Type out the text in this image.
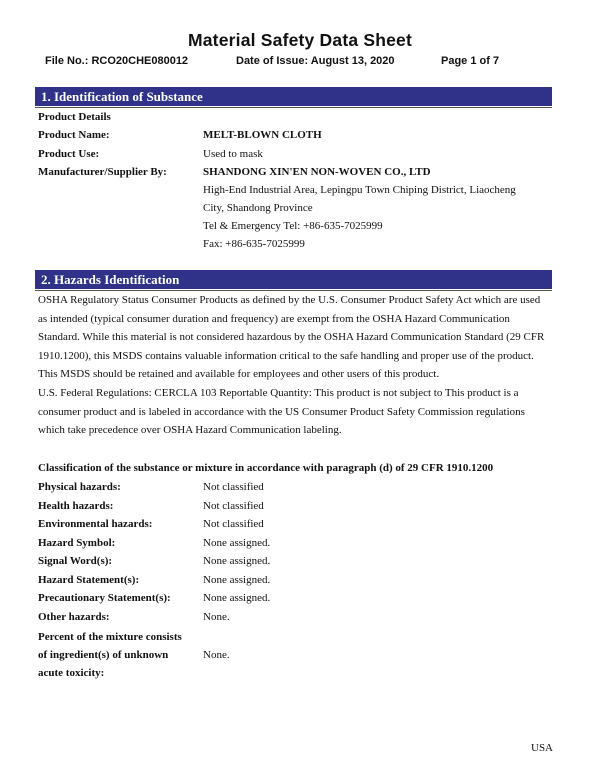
Material Safety Data Sheet
File No.: RCO20CHE080012	Date of Issue: August 13, 2020	Page 1 of 7
1. Identification of Substance
Product Details
Product Name:	MELT-BLOWN CLOTH
Product Use:	Used to mask
Manufacturer/Supplier By:	SHANDONG XIN'EN NON-WOVEN CO., LTD
High-End Industrial Area, Lepingpu Town Chiping District, Liaocheng
City, Shandong Province
Tel & Emergency Tel: +86-635-7025999
Fax: +86-635-7025999
2. Hazards Identification

OSHA Regulatory Status Consumer Products as defined by the U.S. Consumer Product Safety Act which are used as intended (typical consumer duration and frequency) are exempt from the OSHA Hazard Communication Standard. While this material is not considered hazardous by the OSHA Hazard Communication Standard (29 CFR 1910.1200), this MSDS contains valuable information critical to the safe handling and proper use of the product. This MSDS should be retained and available for employees and other users of this product.

U.S. Federal Regulations: CERCLA 103 Reportable Quantity: This product is not subject to This product is a consumer product and is labeled in accordance with the US Consumer Product Safety Commission regulations which take precedence over OSHA Hazard Communication labeling.

Classification of the substance or mixture in accordance with paragraph (d) of 29 CFR 1910.1200
Physical hazards:	Not classified
Health hazards:	Not classified
Environmental hazards:	Not classified
Hazard Symbol:	None assigned.
Signal Word(s):	None assigned.
Hazard Statement(s):	None assigned.
Precautionary Statement(s):	None assigned.
Other hazards:	None.
Percent of the mixture consists
of ingredient(s) of unknown	None.
acute toxicity:
USA
